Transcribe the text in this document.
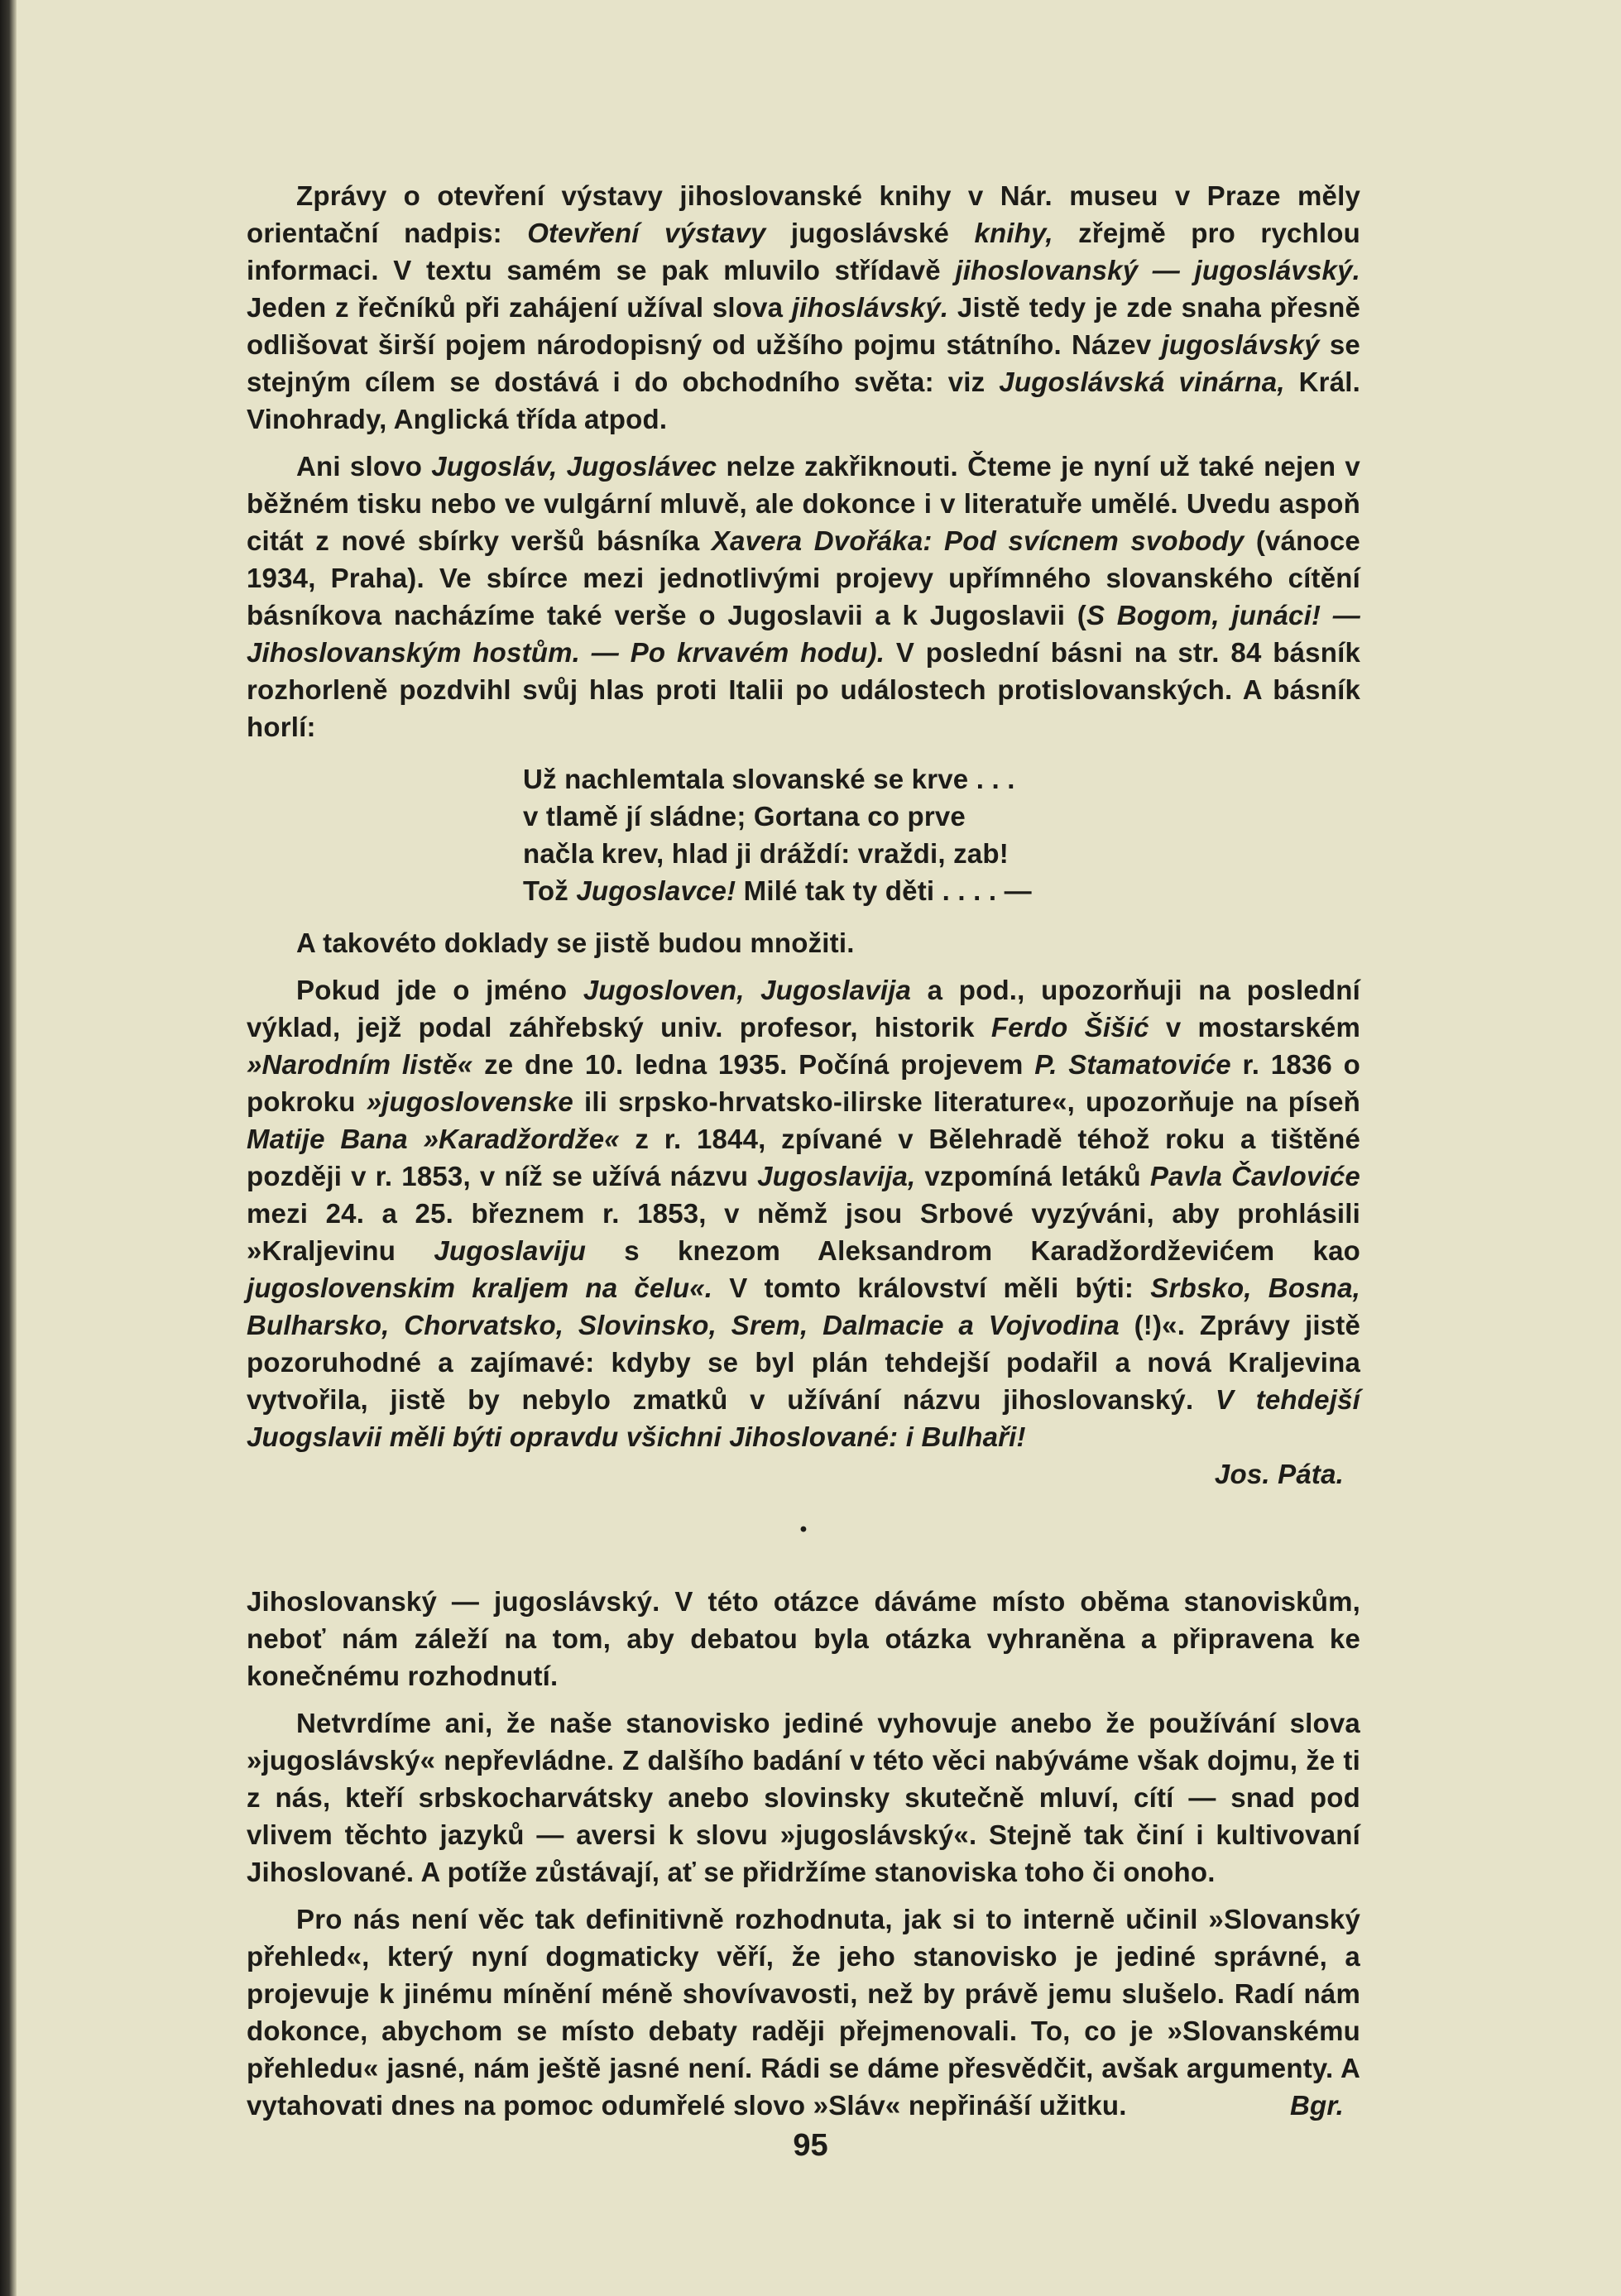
Zprávy o otevření výstavy jihoslovanské knihy v Nár. museu v Praze měly orientační nadpis: Otevření výstavy jugoslávské knihy, zřejmě pro rychlou informaci. V textu samém se pak mluvilo střídavě jihoslovanský — jugoslávský. Jeden z řečníků při zahájení užíval slova jihoslávský. Jistě tedy je zde snaha přesně odlišovat širší pojem národopisný od užšího pojmu státního. Název jugoslávský se stejným cílem se dostává i do obchodního světa: viz Jugoslávská vinárna, Král. Vinohrady, Anglická třída atpod.

Ani slovo Jugosláv, Jugoslávec nelze zakřiknouti. Čteme je nyní už také nejen v běžném tisku nebo ve vulgární mluvě, ale dokonce i v literatuře umělé. Uvedu aspoň citát z nové sbírky veršů básníka Xavera Dvořáka: Pod svícnem svobody (vánoce 1934, Praha). Ve sbírce mezi jednotlivými projevy upřímného slovanského cítění básníkova nacházíme také verše o Jugoslavii a k Jugoslavii (S Bogom, junáci! — Jihoslovanským hostům. — Po krvavém hodu). V poslední básni na str. 84 básník rozhorleně pozdvihl svůj hlas proti Italii po událostech protislovanských. A básník horlí:

Už nachlemtala slovanské se krve . . .
v tlamě jí sládne; Gortana co prve
načla krev, hlad ji dráždí: vraždi, zab!
Tož Jugoslavce! Milé tak ty děti . . . . —

A takovéto doklady se jistě budou množiti.

Pokud jde o jméno Jugosloven, Jugoslavija a pod., upozorňuji na poslední výklad, jejž podal záhřebský univ. profesor, historik Ferdo Šišić v mostarském »Narodním listě« ze dne 10. ledna 1935. Počíná projevem P. Stamatoviće r. 1836 o pokroku »jugoslovenske ili srpsko-hrvatsko-ilirske literature«, upozorňuje na píseň Matije Bana »Karadžordže« z r. 1844, zpívané v Bělehradě téhož roku a tištěné později v r. 1853, v níž se užívá názvu Jugoslavija, vzpomíná letáků Pavla Čavloviće mezi 24. a 25. březnem r. 1853, v němž jsou Srbové vyzýváni, aby prohlásili »Kraljevinu Jugoslaviju s knezom Aleksandrom Karadžordževićem kao jugoslovenskim kraljem na čelu«. V tomto království měli býti: Srbsko, Bosna, Bulharsko, Chorvatsko, Slovinsko, Srem, Dalmacie a Vojvodina (!)«. Zprávy jistě pozoruhodné a zajímavé: kdyby se byl plán tehdejší podařil a nová Kraljevina vytvořila, jistě by nebylo zmatků v užívání názvu jihoslovanský. V tehdejší Juogslavii měli býti opravdu všichni Jihoslované: i Bulhaři!

Jos. Páta.

•

Jihoslovanský — jugoslávský. V této otázce dáváme místo oběma stanoviskům, neboť nám záleží na tom, aby debatou byla otázka vyhraněna a připravena ke konečnému rozhodnutí.

Netvrdíme ani, že naše stanovisko jediné vyhovuje anebo že používání slova »jugoslávský« nepřevládne. Z dalšího badání v této věci nabýváme však dojmu, že ti z nás, kteří srbskocharvátsky anebo slovinsky skutečně mluví, cítí — snad pod vlivem těchto jazyků — aversi k slovu »jugoslávský«. Stejně tak činí i kultivovaní Jihoslované. A potíže zůstávají, ať se přidržíme stanoviska toho či onoho.

Pro nás není věc tak definitivně rozhodnuta, jak si to interně učinil »Slovanský přehled«, který nyní dogmaticky věří, že jeho stanovisko je jediné správné, a projevuje k jinému mínění méně shovívavosti, než by právě jemu slušelo. Radí nám dokonce, abychom se místo debaty raději přejmenovali. To, co je »Slovanskému přehledu« jasné, nám ještě jasné není. Rádi se dáme přesvědčit, avšak argumenty. A vytahovati dnes na pomoc odumřelé slovo »Sláv« nepřináší užitku.	Bgr.

95
